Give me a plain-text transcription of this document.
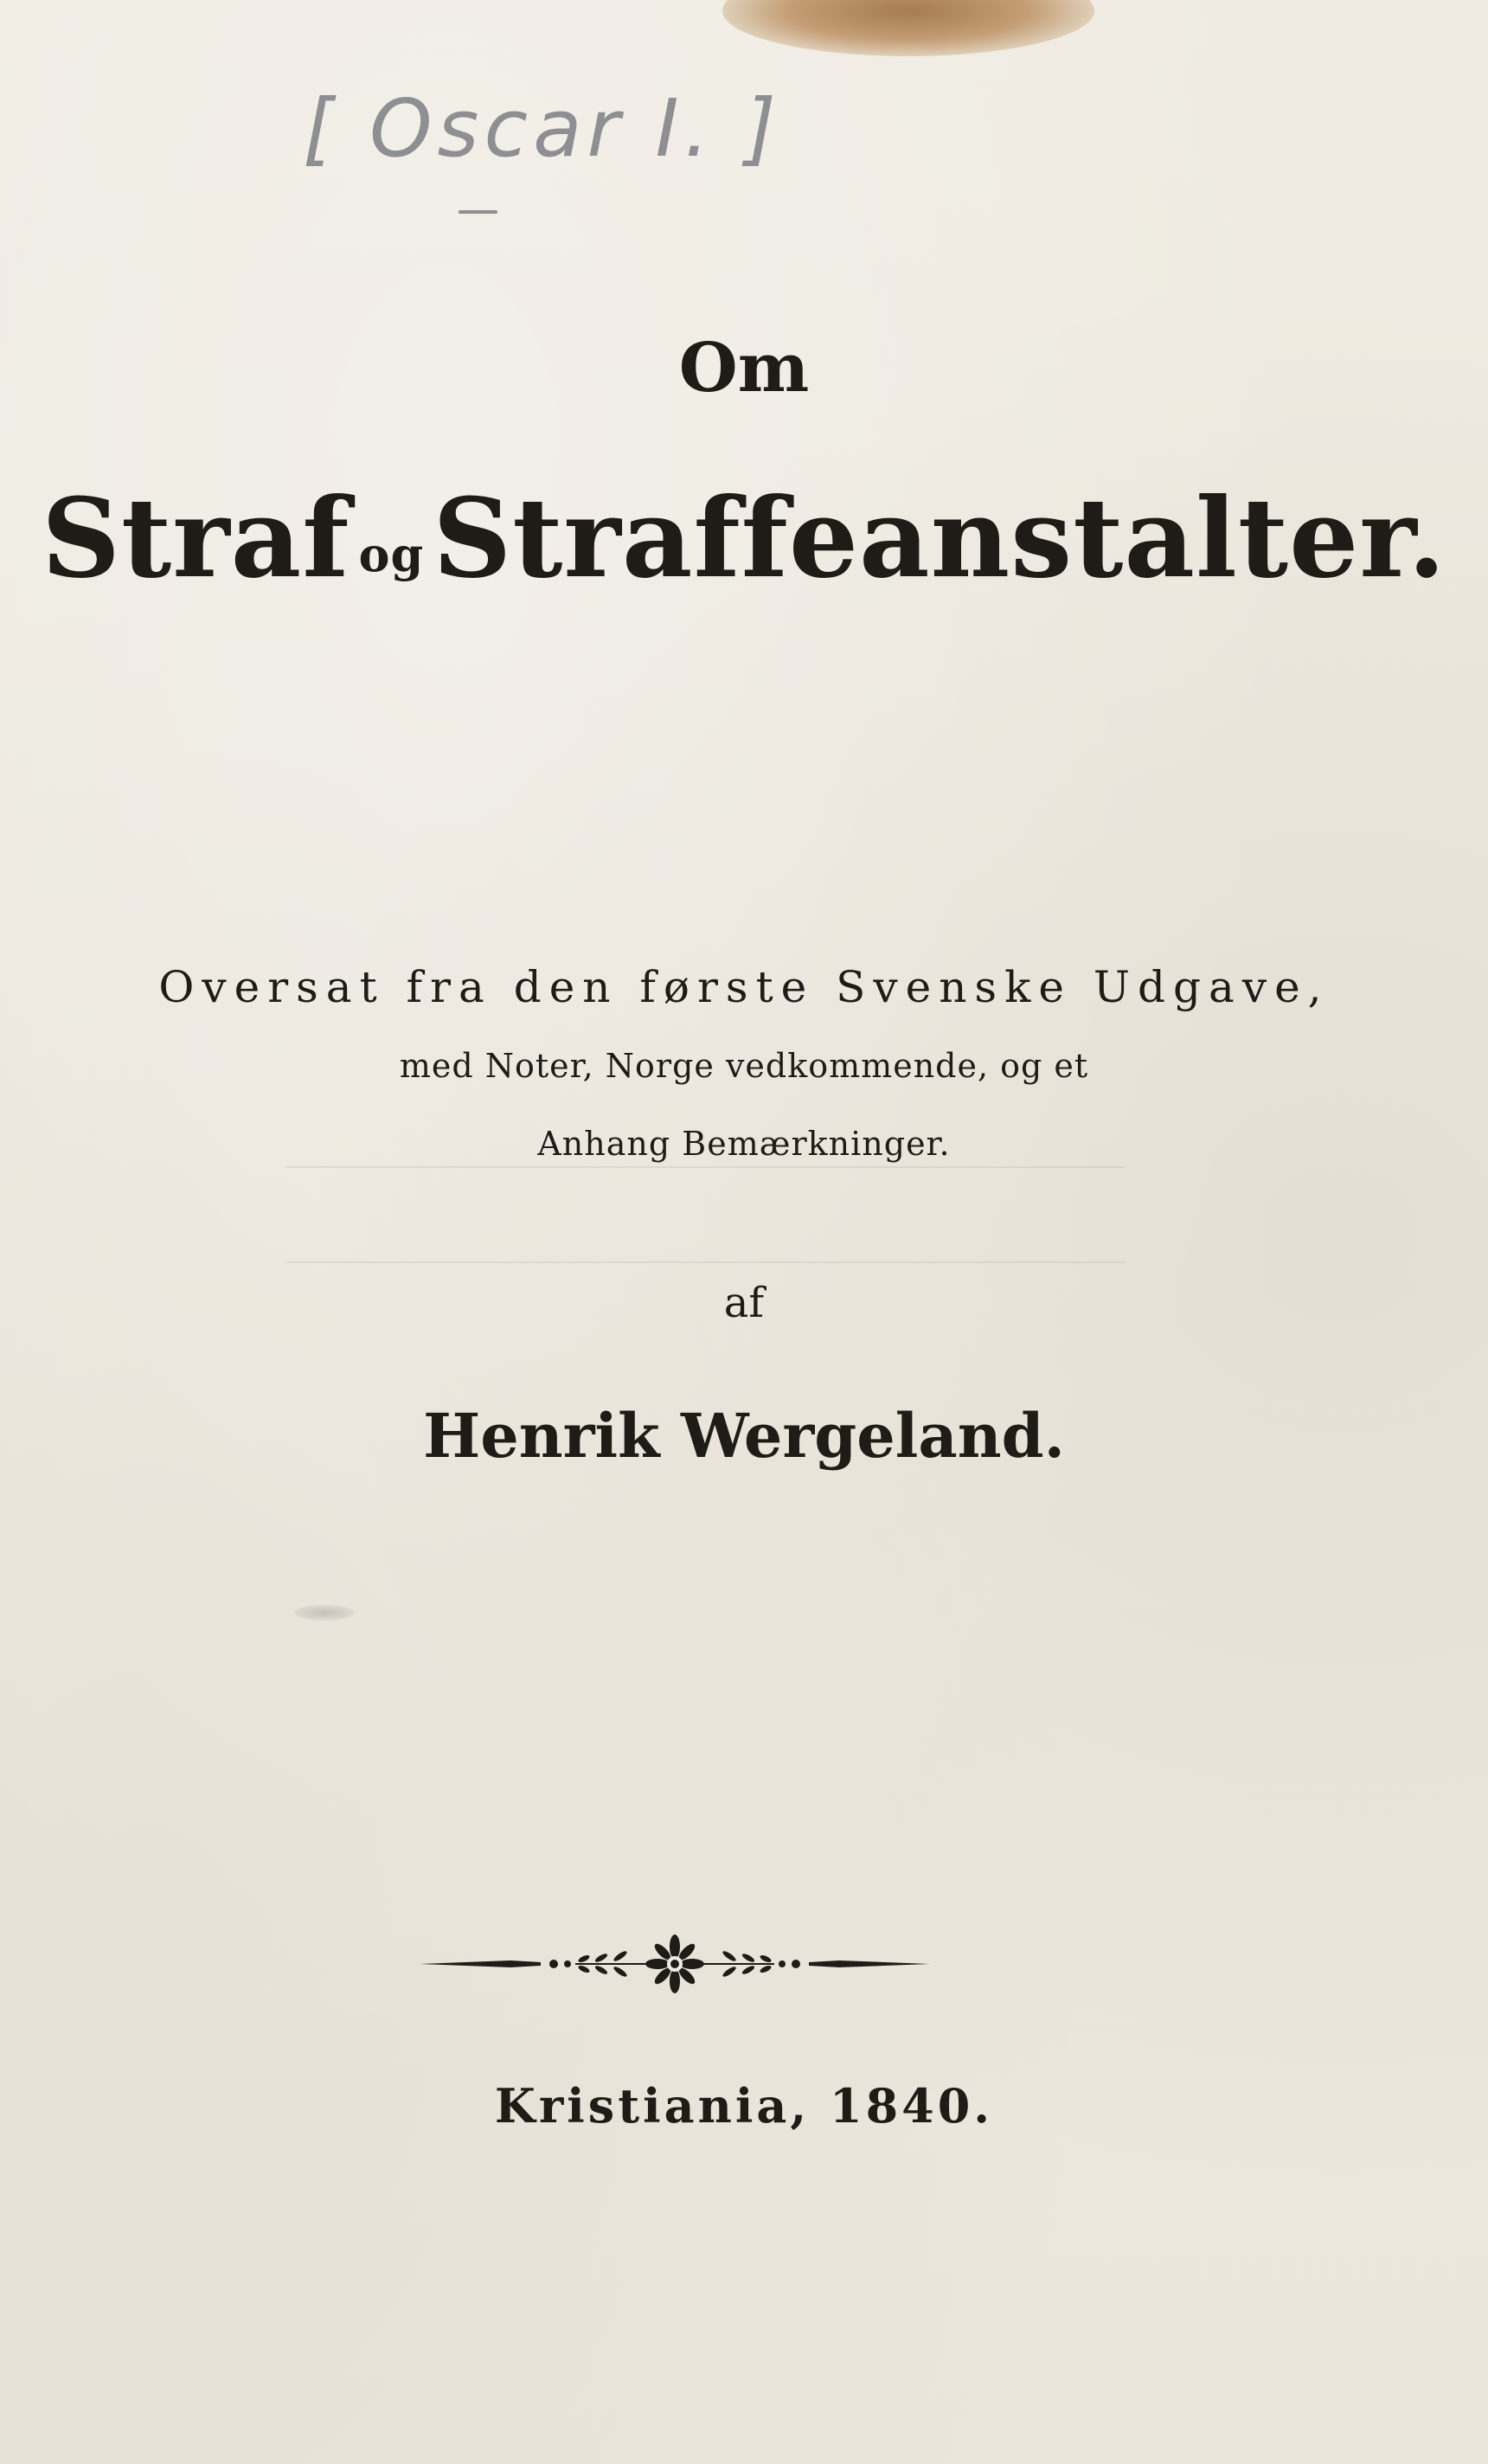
[ Oscar I. ]
Om
Straf ogStraffeanstalter.
Oversat fra den første Svenske Udgave,
med Noter, Norge vedkommende, og et
Anhang Bemærkninger.
af
Henrik Wergeland.
Kristiania, 1840.
